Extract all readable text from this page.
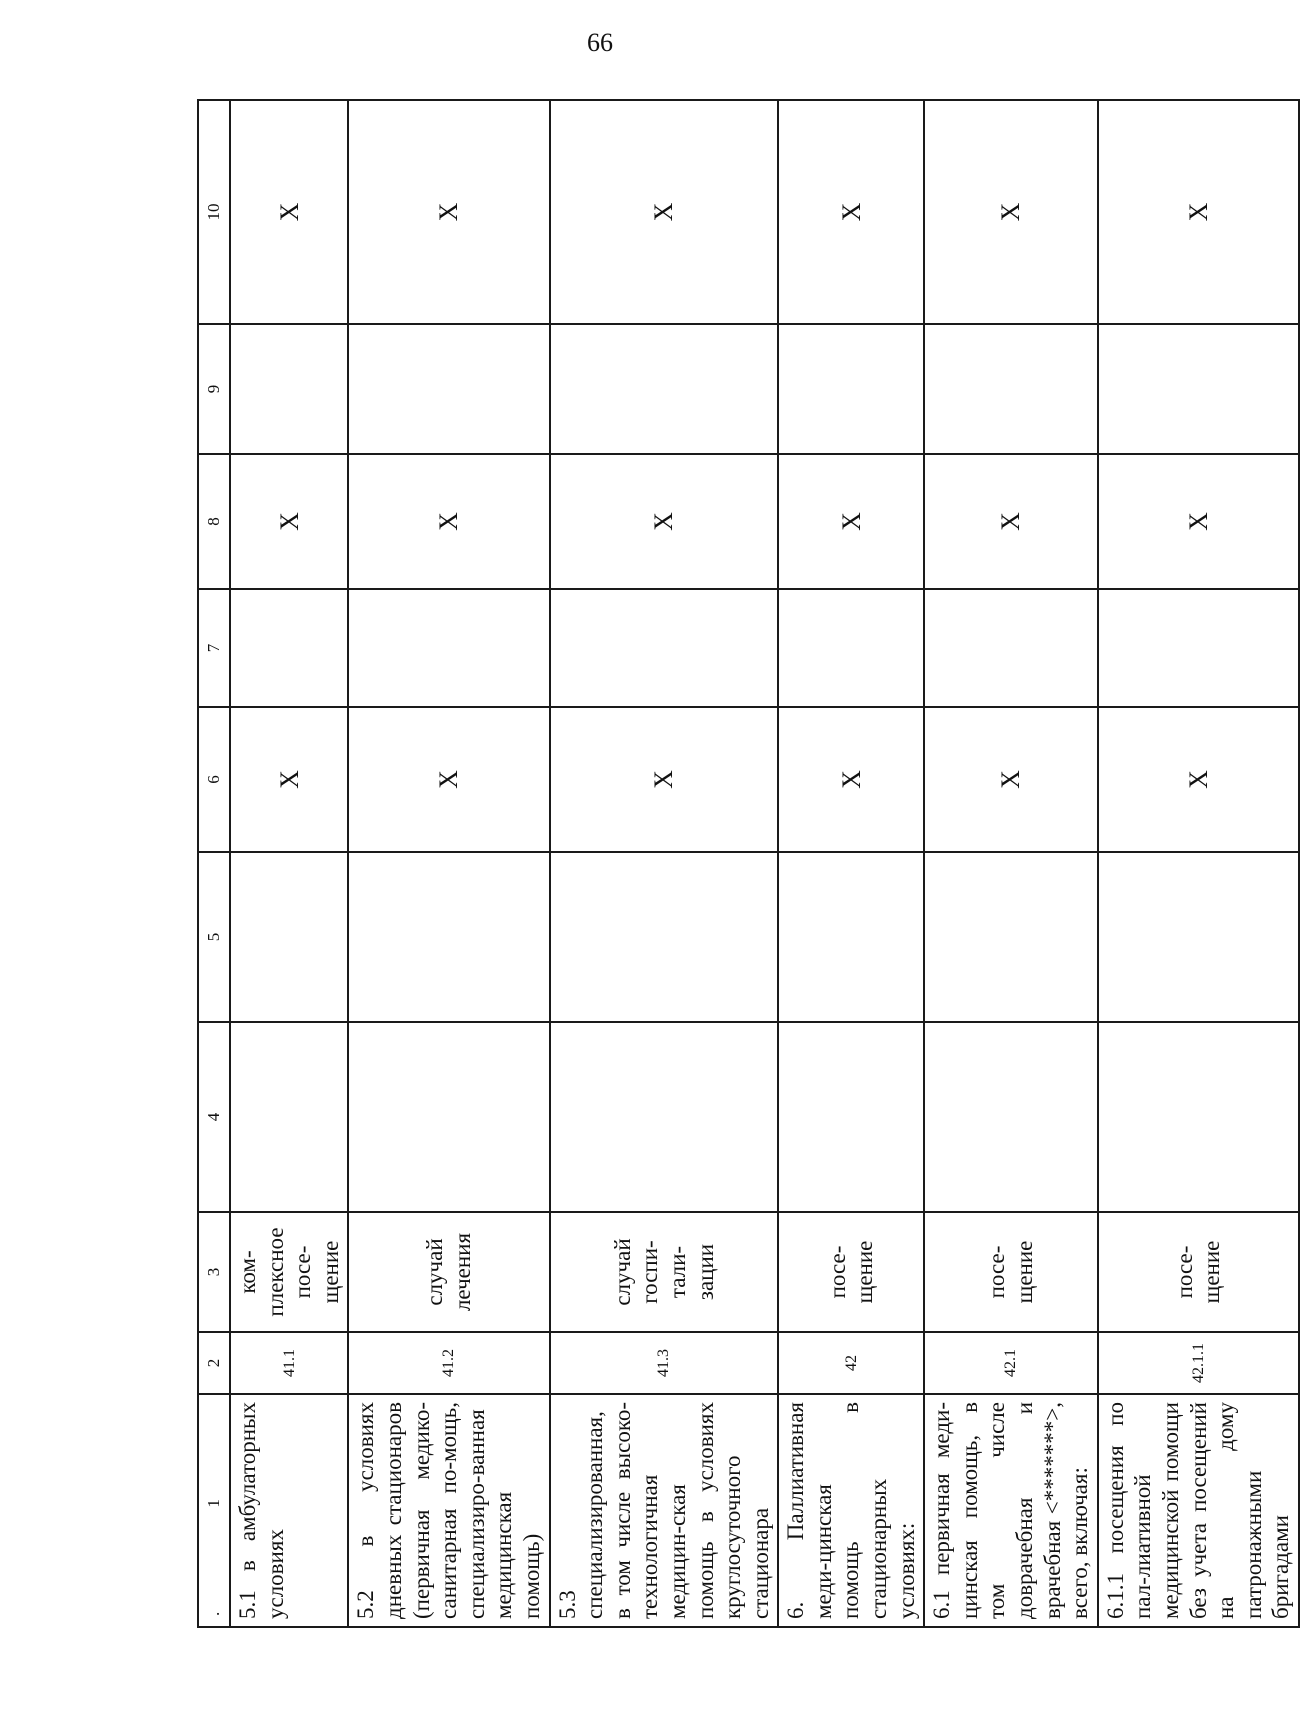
66
.
1	2	3	4	5	6	7	8	9	10
5.1 в амбулаторных условиях	41.1	ком-плексное посе-щение			Х		Х		Х
5.2 в условиях дневных стационаров (первичная медико-санитарная по-мощь, специализиро-ванная медицинская помощь)	41.2	случай лечения			Х		Х		Х
5.3 специализированная, в том числе высоко-технологичная медицин-ская помощь в условиях круглосуточного стационара	41.3	случай госпи-тали-зации			Х		Х		Х
6. Паллиативная меди-цинская помощь в стационарных условиях:	42	посе-щение			Х		Х		Х
6.1 первичная меди-цинская помощь, в том числе доврачебная и врачебная <*******>, всего, включая:	42.1	посе-щение			Х		Х		Х
6.1.1 посещения по пал-лиативной медицинской помощи без учета посещений на дому патронажными бригадами	42.1.1	посе-щение			Х		Х		Х
